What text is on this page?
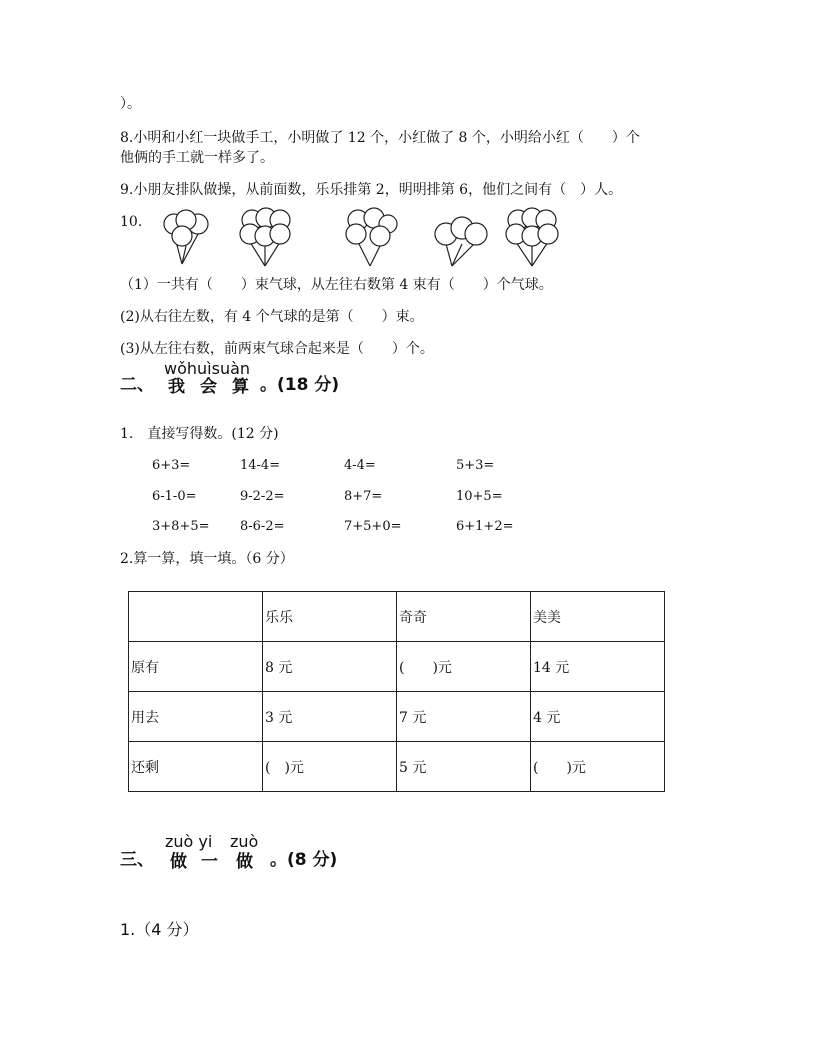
）。
8.小明和小红一块做手工，小明做了 12 个，小红做了 8 个，小明给小红（　　）个
他俩的手工就一样多了。
9.小朋友排队做操，从前面数，乐乐排第 2，明明排第 6，他们之间有（　）人。
10.
（1）一共有（　　）束气球，从左往右数第 4 束有（　　）个气球。
(2)从右往左数，有 4 个气球的是第（　　）束。
(3)从左往右数，前两束气球合起来是（　　）个。
wǒhuìsuàn
二、 我 会 算 。(18 分)
1.　直接写得数。(12 分)
6+3=	14-4=	4-4=	5+3=
6-1-0=	9-2-2=	8+7=	10+5=
3+8+5= 8-6-2=	7+5+0=	6+1+2=
2.算一算，填一填。（6 分）
	乐乐	奇奇	美美
原有	8 元	(　　)元	14 元
用去	3 元	7 元	4 元
还剩	(　)元	5 元	(　　)元
zuò yi zuò
三、 做 一 做 。(8 分)
1.（4 分）
